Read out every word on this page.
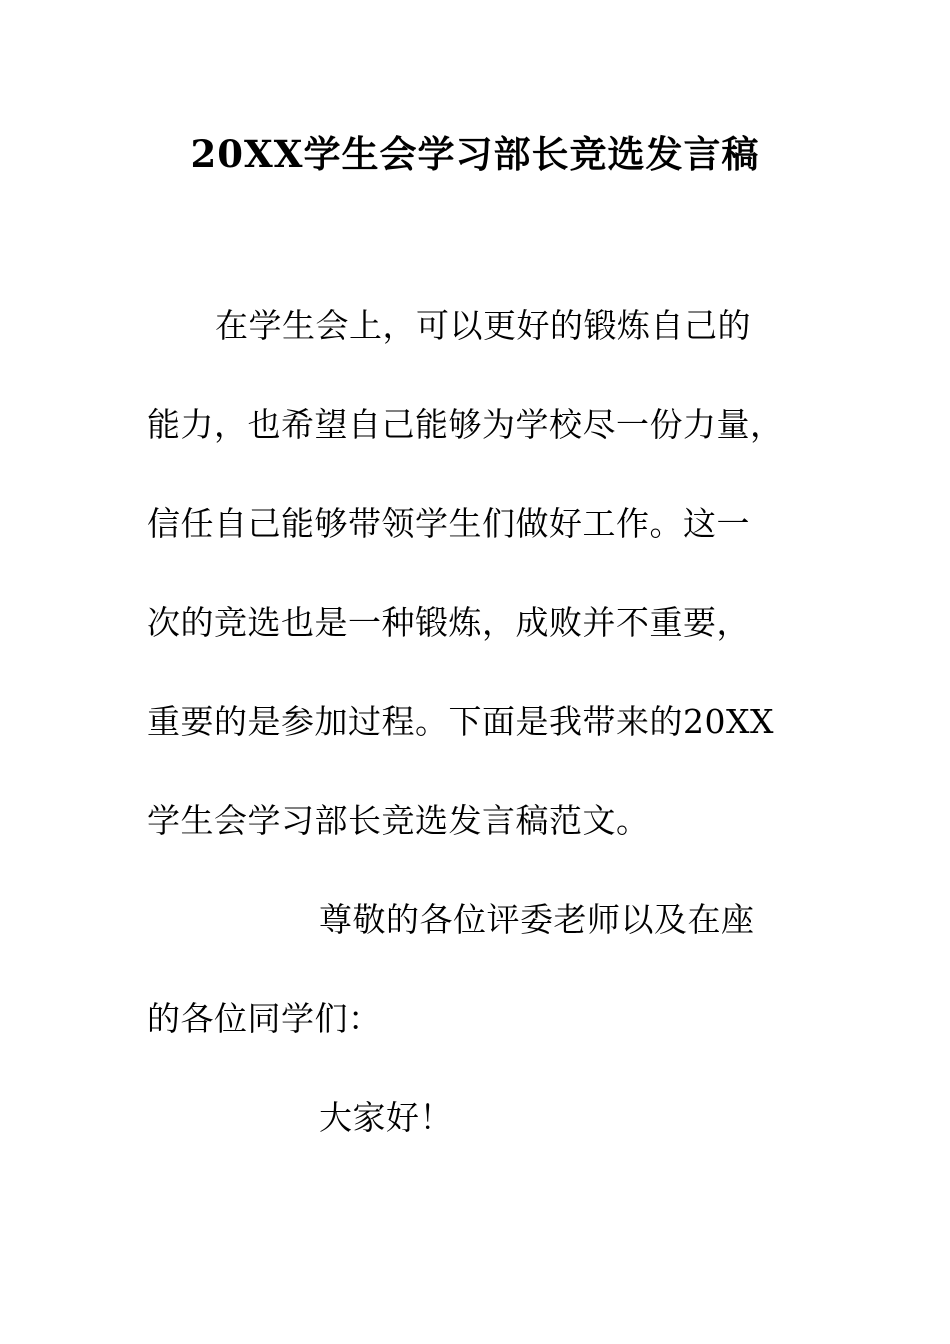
20XX学生会学习部长竞选发言稿
在学生会上，可以更好的锻炼自己的
能力，也希望自己能够为学校尽一份力量，
信任自己能够带领学生们做好工作。这一
次的竞选也是一种锻炼，成败并不重要，
重要的是参加过程。下面是我带来的20XX
学生会学习部长竞选发言稿范文。
尊敬的各位评委老师以及在座
的各位同学们：
大家好！
